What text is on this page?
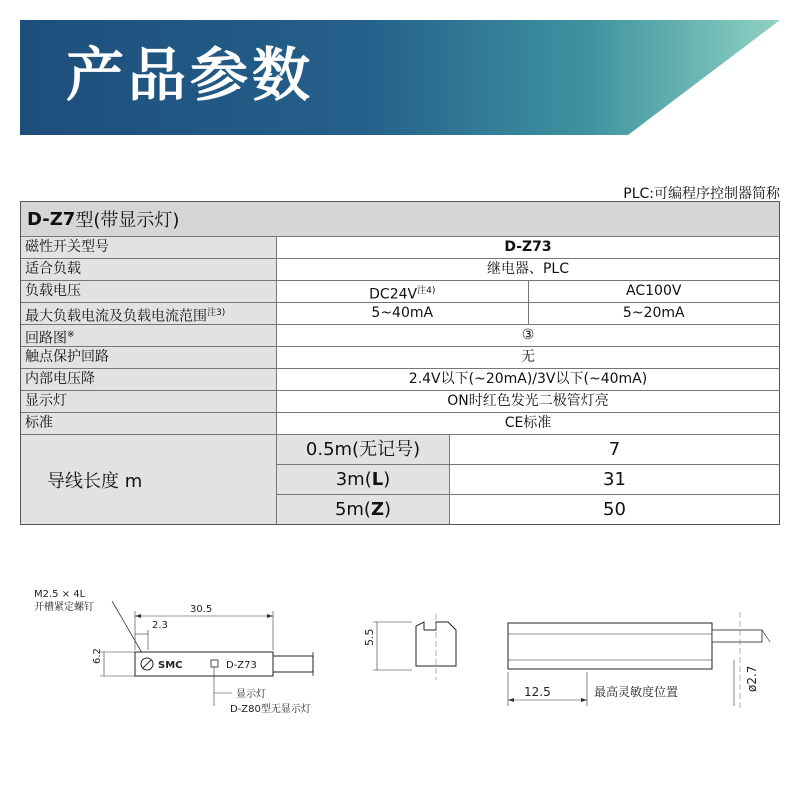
产品参数
PLC:可编程序控制器简称
D-Z7 型(带显示灯)
磁性开关型号	D-Z73
适合负载	继电器、PLC
负载电压	$DC24V^{注4)}$	AC100V
最大负载电流及负载电流范围$^{注3)}$	5~40mA	5~20mA
回路图※	③
触点保护回路	无
内部电压降	2.4V以下(~20mA)/3V以下(~40mA)
显示灯	ON时红色发光二极管灯亮
标准	CE标准
导线长度 m
0.5m(无记号)	7
3m(L)	31
5m(Z)	50
M2.5 × 4L
开槽紧定螺钉	30.5
2.3
6.2
SMC	D-Z73
显示灯
D-Z80型无显示灯
5.5
12.5	最高灵敏度位置	ø2.7
